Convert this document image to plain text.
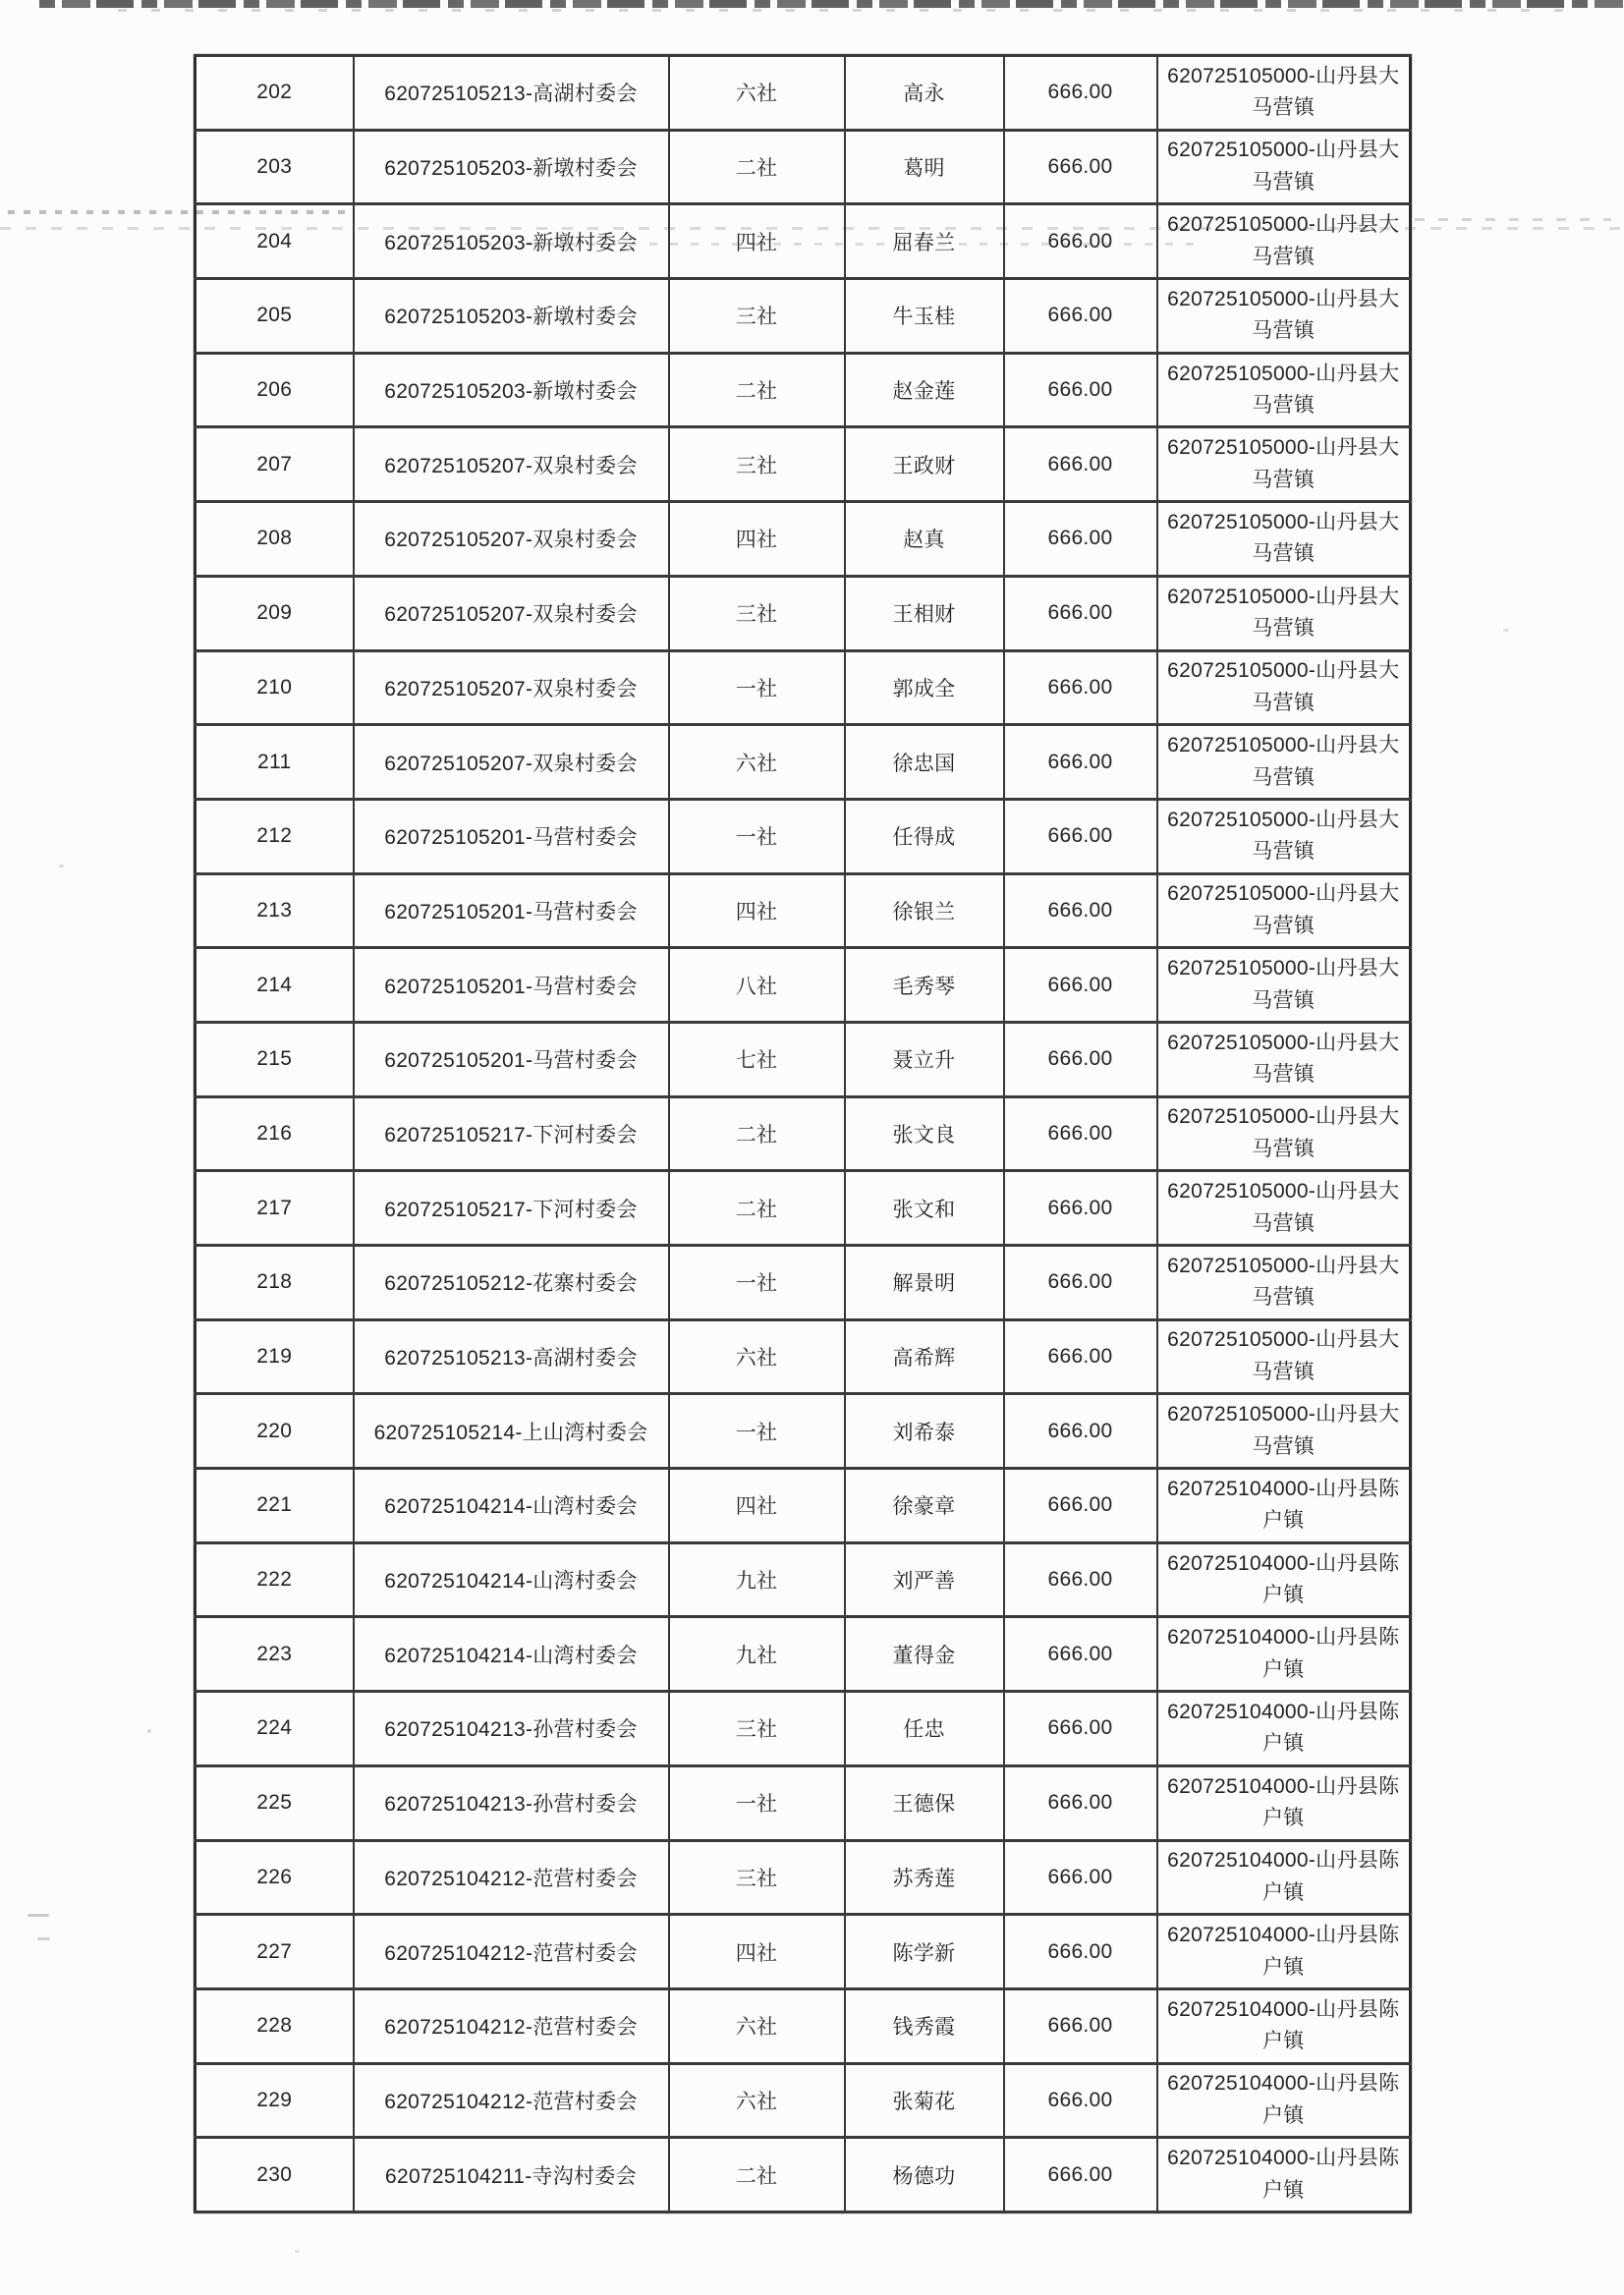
202	620725105213-高湖村委会	六社	高永	666.00	620725105000-山丹县大马营镇
203	620725105203-新墩村委会	二社	葛明	666.00	620725105000-山丹县大马营镇
204	620725105203-新墩村委会	四社	屈春兰	666.00	620725105000-山丹县大马营镇
205	620725105203-新墩村委会	三社	牛玉桂	666.00	620725105000-山丹县大马营镇
206	620725105203-新墩村委会	二社	赵金莲	666.00	620725105000-山丹县大马营镇
207	620725105207-双泉村委会	三社	王政财	666.00	620725105000-山丹县大马营镇
208	620725105207-双泉村委会	四社	赵真	666.00	620725105000-山丹县大马营镇
209	620725105207-双泉村委会	三社	王相财	666.00	620725105000-山丹县大马营镇
210	620725105207-双泉村委会	一社	郭成全	666.00	620725105000-山丹县大马营镇
211	620725105207-双泉村委会	六社	徐忠国	666.00	620725105000-山丹县大马营镇
212	620725105201-马营村委会	一社	任得成	666.00	620725105000-山丹县大马营镇
213	620725105201-马营村委会	四社	徐银兰	666.00	620725105000-山丹县大马营镇
214	620725105201-马营村委会	八社	毛秀琴	666.00	620725105000-山丹县大马营镇
215	620725105201-马营村委会	七社	聂立升	666.00	620725105000-山丹县大马营镇
216	620725105217-下河村委会	二社	张文良	666.00	620725105000-山丹县大马营镇
217	620725105217-下河村委会	二社	张文和	666.00	620725105000-山丹县大马营镇
218	620725105212-花寨村委会	一社	解景明	666.00	620725105000-山丹县大马营镇
219	620725105213-高湖村委会	六社	高希辉	666.00	620725105000-山丹县大马营镇
220	620725105214-上山湾村委会	一社	刘希泰	666.00	620725105000-山丹县大马营镇
221	620725104214-山湾村委会	四社	徐豪章	666.00	620725104000-山丹县陈户镇
222	620725104214-山湾村委会	九社	刘严善	666.00	620725104000-山丹县陈户镇
223	620725104214-山湾村委会	九社	董得金	666.00	620725104000-山丹县陈户镇
224	620725104213-孙营村委会	三社	任忠	666.00	620725104000-山丹县陈户镇
225	620725104213-孙营村委会	一社	王德保	666.00	620725104000-山丹县陈户镇
226	620725104212-范营村委会	三社	苏秀莲	666.00	620725104000-山丹县陈户镇
227	620725104212-范营村委会	四社	陈学新	666.00	620725104000-山丹县陈户镇
228	620725104212-范营村委会	六社	钱秀霞	666.00	620725104000-山丹县陈户镇
229	620725104212-范营村委会	六社	张菊花	666.00	620725104000-山丹县陈户镇
230	620725104211-寺沟村委会	二社	杨德功	666.00	620725104000-山丹县陈户镇
